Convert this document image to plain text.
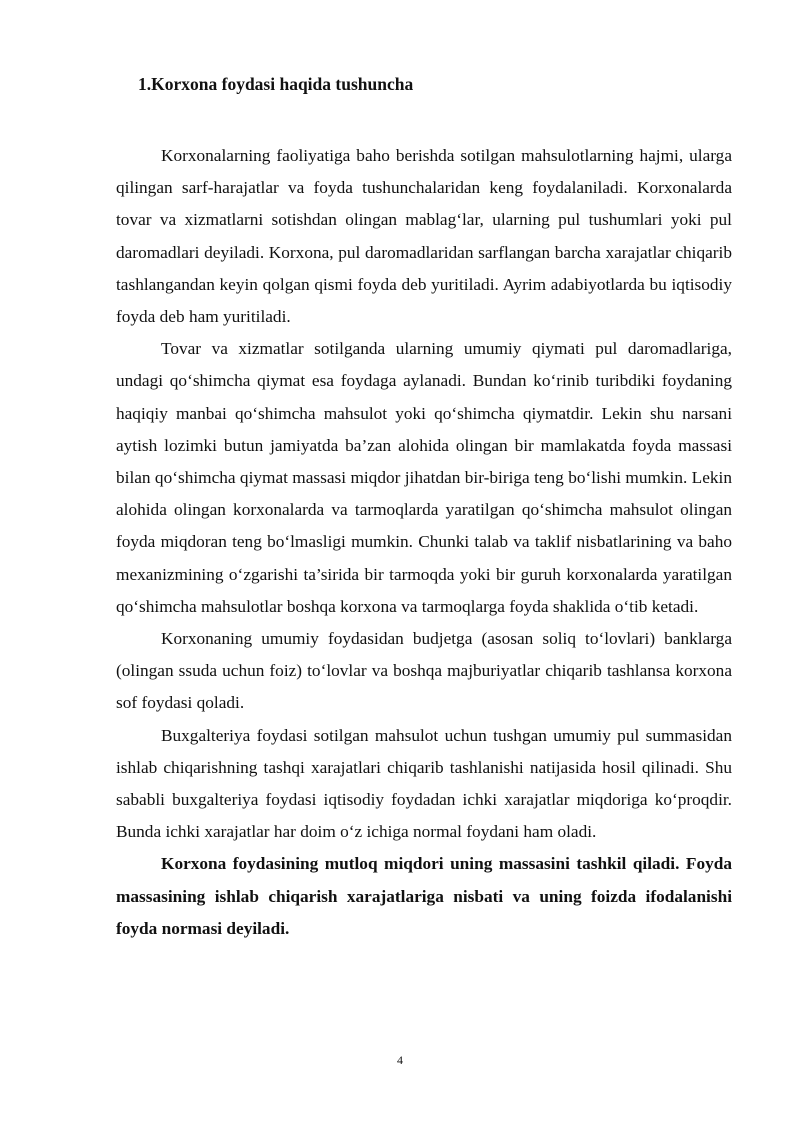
1.Korxona foydasi haqida tushuncha

Korxonalarning faoliyatiga baho berishda sotilgan mahsulotlarning hajmi, ularga qilingan sarf-harajatlar va foyda tushunchalaridan keng foydalaniladi. Korxonalarda tovar va xizmatlarni sotishdan olingan mablag‘lar, ularning pul tushumlari yoki pul daromadlari deyiladi. Korxona, pul daromadlaridan sarflangan barcha xarajatlar chiqarib tashlangandan keyin qolgan qismi foyda deb yuritiladi. Ayrim adabiyotlarda bu iqtisodiy foyda deb ham yuritiladi.

Tovar va xizmatlar sotilganda ularning umumiy qiymati pul daromadlariga, undagi qo‘shimcha qiymat esa foydaga aylanadi. Bundan ko‘rinib turibdiki foydaning haqiqiy manbai qo‘shimcha mahsulot yoki qo‘shimcha qiymatdir. Lekin shu narsani aytish lozimki butun jamiyatda ba’zan alohida olingan bir mamlakatda foyda massasi bilan qo‘shimcha qiymat massasi miqdor jihatdan bir-biriga teng bo‘lishi mumkin. Lekin alohida olingan korxonalarda va tarmoqlarda yaratilgan qo‘shimcha mahsulot olingan foyda miqdoran teng bo‘lmasligi mumkin. Chunki talab va taklif nisbatlarining va baho mexanizmining o‘zgarishi ta’sirida bir tarmoqda yoki bir guruh korxonalarda yaratilgan qo‘shimcha mahsulotlar boshqa korxona va tarmoqlarga foyda shaklida o‘tib ketadi.

Korxonaning umumiy foydasidan budjetga (asosan soliq to‘lovlari) banklarga (olingan ssuda uchun foiz) to‘lovlar va boshqa majburiyatlar chiqarib tashlansa korxona sof foydasi qoladi.

Buxgalteriya foydasi sotilgan mahsulot uchun tushgan umumiy pul summasidan ishlab chiqarishning tashqi xarajatlari chiqarib tashlanishi natijasida hosil qilinadi. Shu sababli buxgalteriya foydasi iqtisodiy foydadan ichki xarajatlar miqdoriga ko‘proqdir. Bunda ichki xarajatlar har doim o‘z ichiga normal foydani ham oladi.

Korxona foydasining mutloq miqdori uning massasini tashkil qiladi. Foyda massasining ishlab chiqarish xarajatlariga nisbati va uning foizda ifodalanishi foyda normasi deyiladi.

4
